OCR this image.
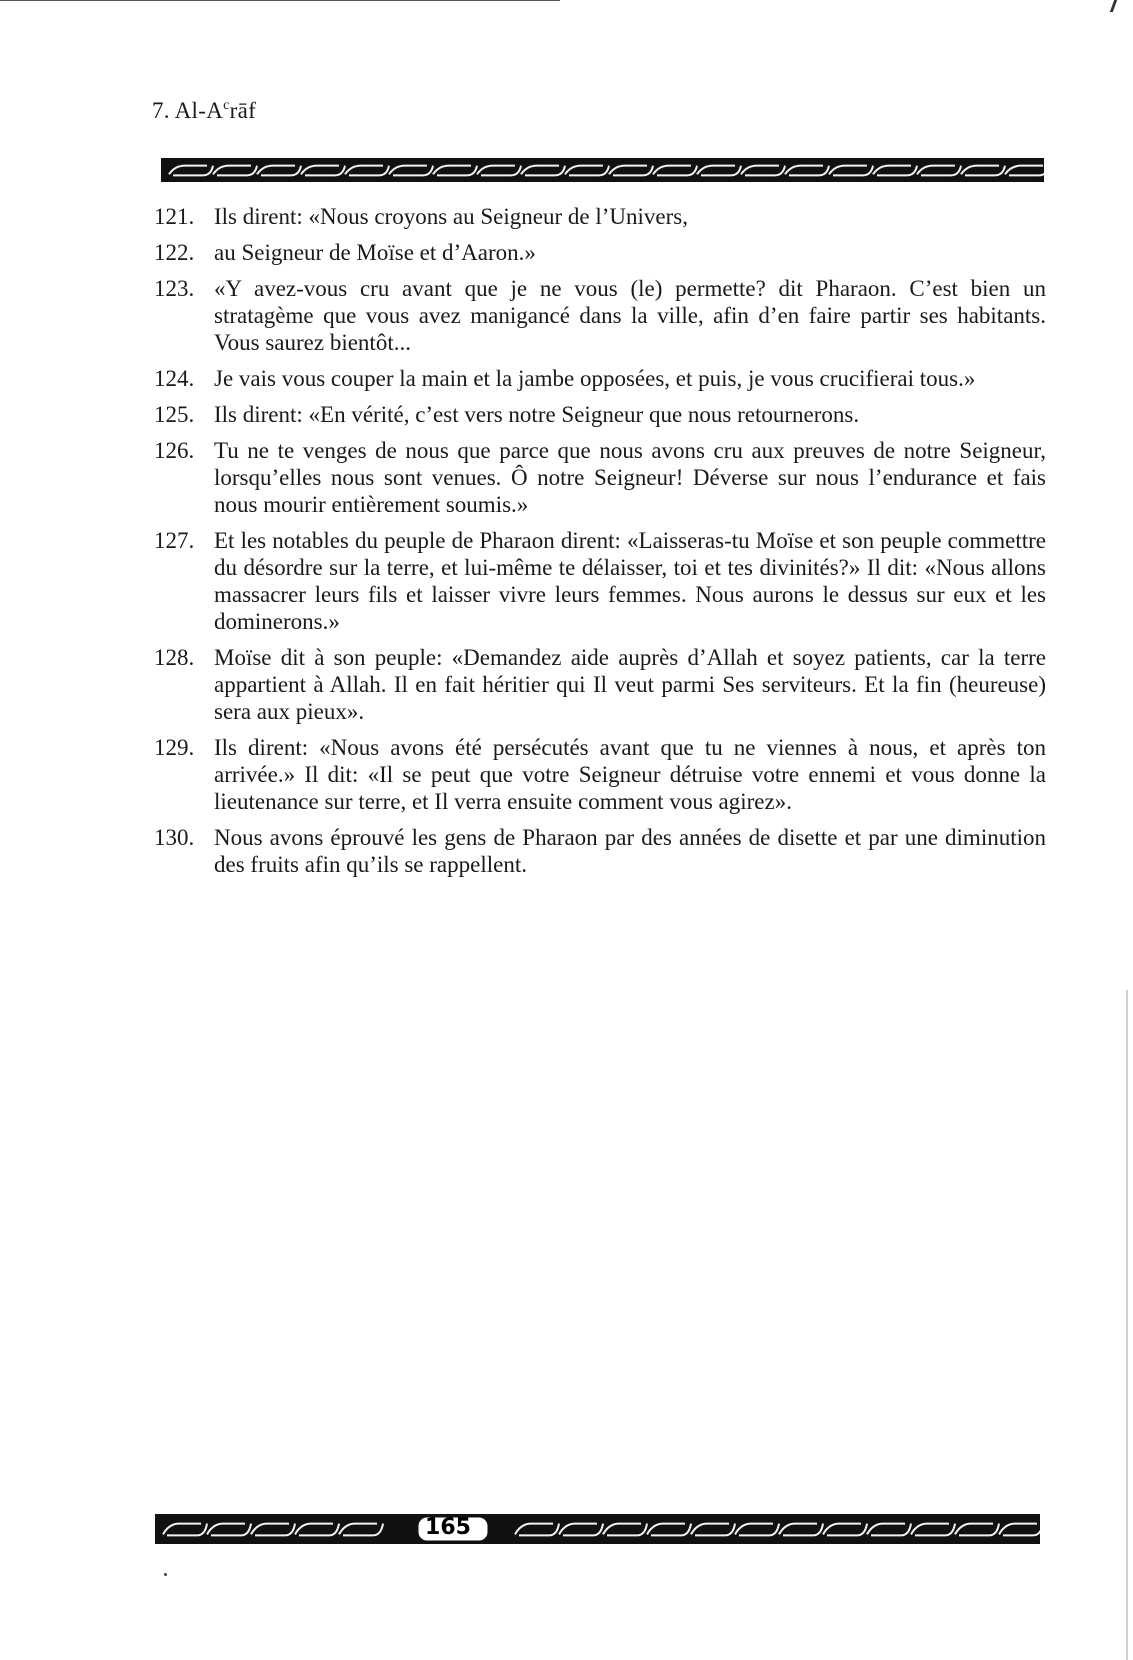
7. $Al-A^crāf$
121. Ils dirent: «Nous croyons au Seigneur de l’Univers,
122. au Seigneur de Moïse et d’Aaron.»
123. «Y avez-vous cru avant que je ne vous (le) permette? dit Pharaon. C’est bien un stratagème que vous avez manigancé dans la ville, afin d’en faire partir ses habitants. Vous saurez bientôt...
124. Je vais vous couper la main et la jambe opposées, et puis, je vous crucifierai tous.»
125. Ils dirent: «En vérité, c’est vers notre Seigneur que nous retournerons.
126. Tu ne te venges de nous que parce que nous avons cru aux preuves de notre Seigneur, lorsqu’elles nous sont venues. Ô notre Seigneur! Déverse sur nous l’endurance et fais nous mourir entièrement soumis.»
127. Et les notables du peuple de Pharaon dirent: «Laisseras-tu Moïse et son peuple commettre du désordre sur la terre, et lui-même te délaisser, toi et tes divinités?» Il dit: «Nous allons massacrer leurs fils et laisser vivre leurs femmes. Nous aurons le dessus sur eux et les dominerons.»
128. Moïse dit à son peuple: «Demandez aide auprès d’Allah et soyez patients, car la terre appartient à Allah. Il en fait héritier qui Il veut parmi Ses serviteurs. Et la fin (heureuse) sera aux pieux».
129. Ils dirent: «Nous avons été persécutés avant que tu ne viennes à nous, et après ton arrivée.» Il dit: «Il se peut que votre Seigneur détruise votre ennemi et vous donne la lieutenance sur terre, et Il verra ensuite comment vous agirez».
130. Nous avons éprouvé les gens de Pharaon par des années de disette et par une diminution des fruits afin qu’ils se rappellent.
165
